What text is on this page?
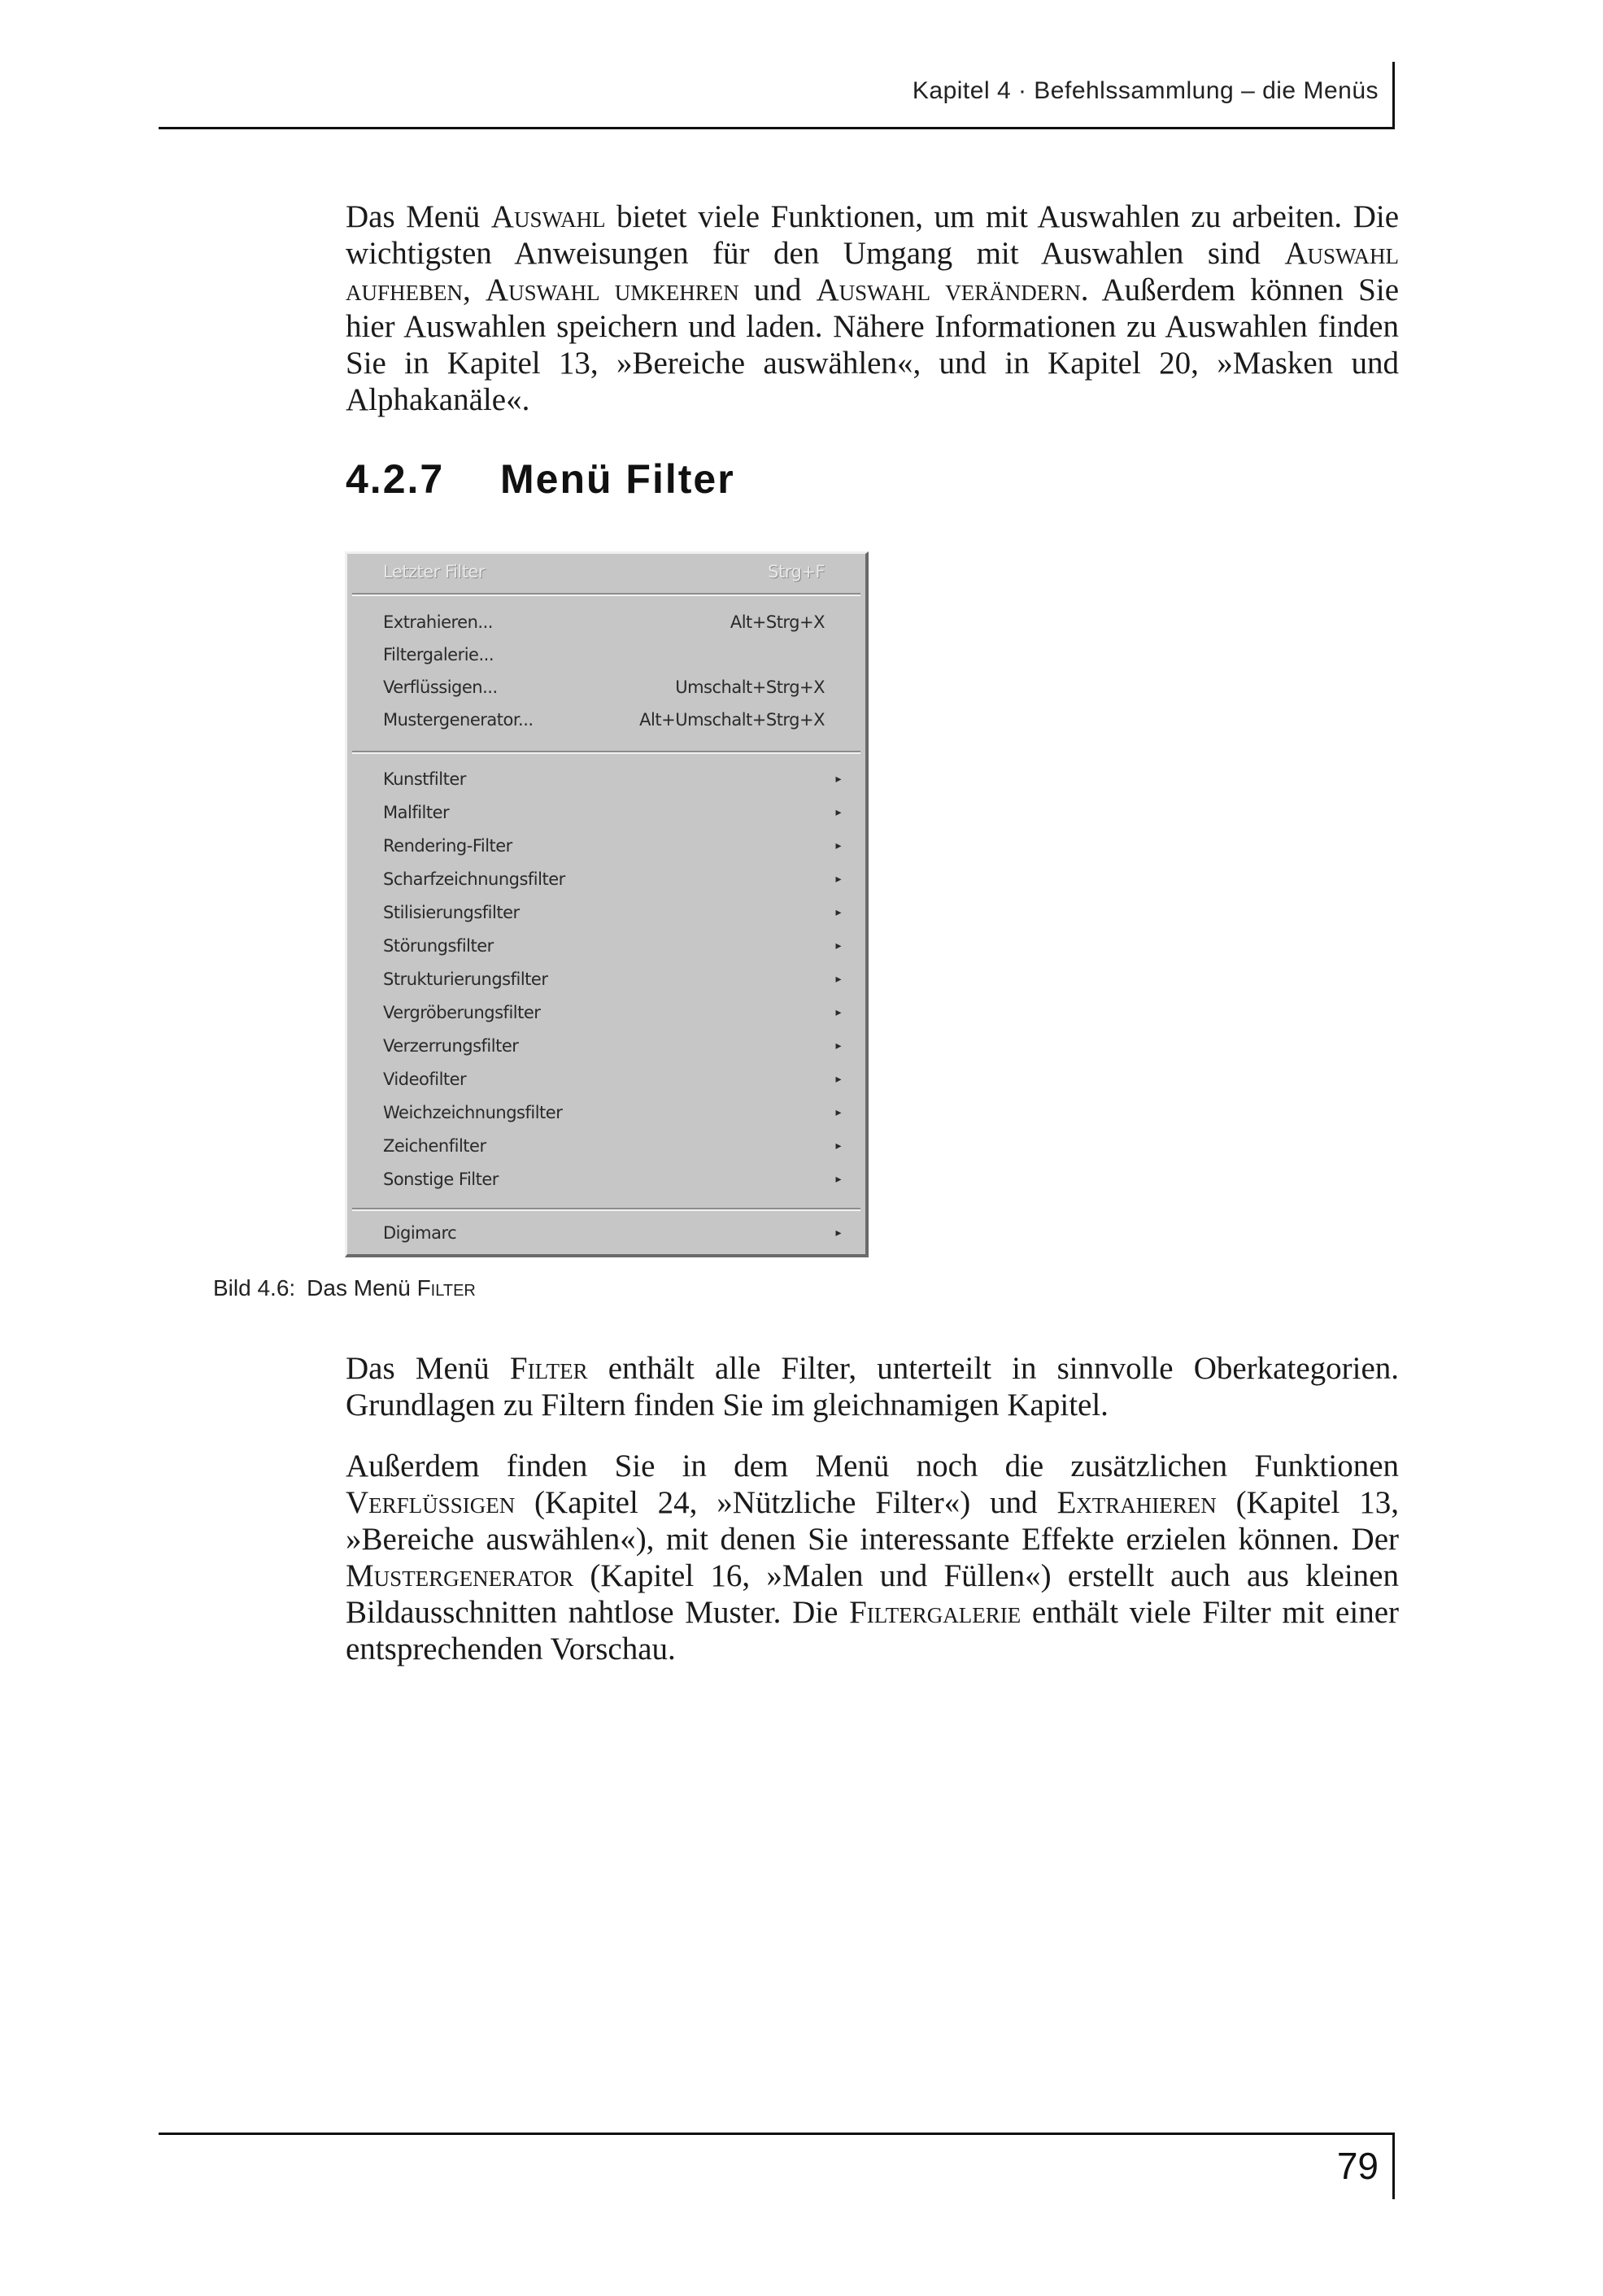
Kapitel 4 · Befehlssammlung – die Menüs

Das Menü Auswahl bietet viele Funktionen, um mit Auswahlen zu arbeiten. Die wichtigsten Anweisungen für den Umgang mit Auswahlen sind Auswahl aufheben, Auswahl umkehren und Auswahl verändern. Außerdem können Sie hier Auswahlen speichern und laden. Nähere Informationen zu Auswahlen finden Sie in Kapitel 13, »Bereiche auswählen«, und in Kapitel 20, »Masken und Alphakanäle«.

4.2.7 Menü Filter
Letzter Filter	Strg+F
Extrahieren...	Alt+Strg+X
Filtergalerie...
Verflüssigen...	Umschalt+Strg+X
Mustergenerator...	Alt+Umschalt+Strg+X
Kunstfilter	▸
Malfilter	▸
Rendering-Filter	▸
Scharfzeichnungsfilter	▸
Stilisierungsfilter	▸
Störungsfilter	▸
Strukturierungsfilter	▸
Vergröberungsfilter	▸
Verzerrungsfilter	▸
Videofilter	▸
Weichzeichnungsfilter	▸
Zeichenfilter	▸
Sonstige Filter	▸
Digimarc	▸
Bild 4.6: Das Menü Filter

Das Menü Filter enthält alle Filter, unterteilt in sinnvolle Oberkategorien. Grundlagen zu Filtern finden Sie im gleichnamigen Kapitel.

Außerdem finden Sie in dem Menü noch die zusätzlichen Funktionen Verflüssigen (Kapitel 24, »Nützliche Filter«) und Extrahieren (Kapitel 13, »Bereiche auswählen«), mit denen Sie interessante Effekte erzielen können. Der Mustergenerator (Kapitel 16, »Malen und Füllen«) erstellt auch aus kleinen Bildausschnitten nahtlose Muster. Die Filtergalerie enthält viele Filter mit einer entsprechenden Vorschau.

79
